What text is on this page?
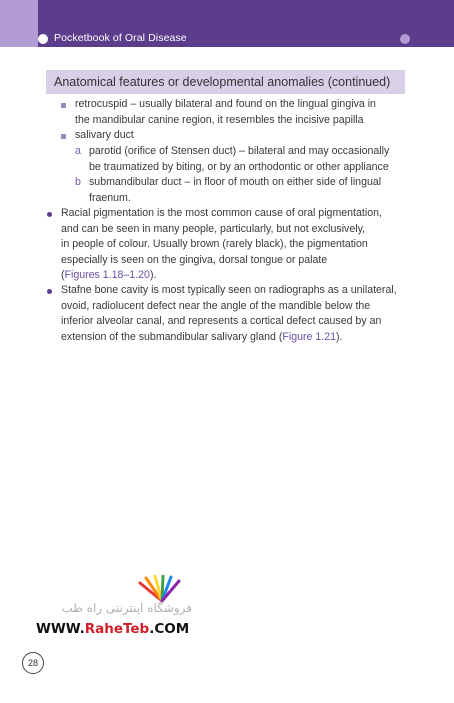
Pocketbook of Oral Disease
Anatomical features or developmental anomalies (continued)
retrocuspid – usually bilateral and found on the lingual gingiva in
the mandibular canine region, it resembles the incisive papilla
salivary duct
a parotid (orifice of Stensen duct) – bilateral and may occasionally
be traumatized by biting, or by an orthodontic or other appliance
b submandibular duct – in floor of mouth on either side of lingual
fraenum.
Racial pigmentation is the most common cause of oral pigmentation,
and can be seen in many people, particularly, but not exclusively,
in people of colour. Usually brown (rarely black), the pigmentation
especially is seen on the gingiva, dorsal tongue or palate
(Figures 1.18–1.20).
Stafne bone cavity is most typically seen on radiographs as a unilateral,
ovoid, radiolucent defect near the angle of the mandible below the
inferior alveolar canal, and represents a cortical defect caused by an
extension of the submandibular salivary gland (Figure 1.21).
فروشگاه اینترنتی راه طب
WWW.RaheTeb.COM
28
